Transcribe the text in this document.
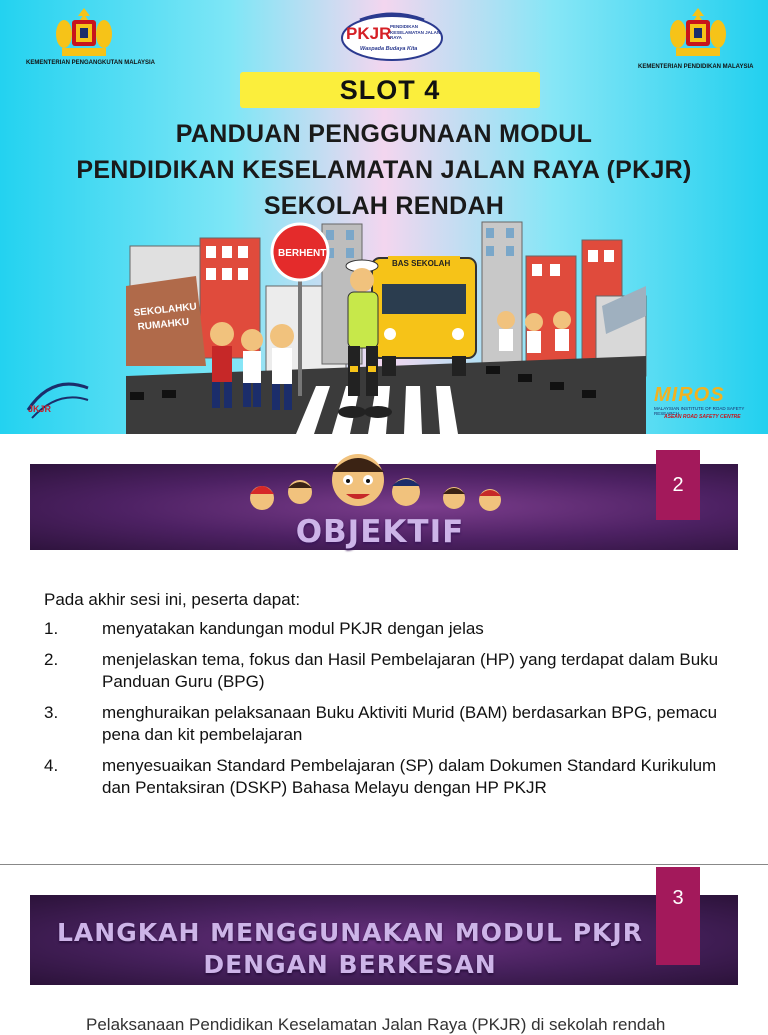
KEMENTERIAN PENGANGKUTAN MALAYSIA
KEMENTERIAN PENDIDIKAN MALAYSIA
PKJR
PENDIDIKAN KESELAMATAN JALAN RAYA
Waspada Budaya Kita
SLOT 4
PANDUAN PENGGUNAAN MODUL
PENDIDIKAN KESELAMATAN JALAN RAYA (PKJR)
SEKOLAH RENDAH
SEKOLAHKU
RUMAHKU
BAS SEKOLAH
BERHENTI
JKJR
MIROS
MALAYSIAN INSTITUTE OF ROAD SAFETY RESEARCH
ASEAN ROAD SAFETY CENTRE
2
OBJEKTIF
Pada akhir sesi ini, peserta dapat:
1.	menyatakan kandungan modul PKJR dengan jelas
2.	menjelaskan tema, fokus dan Hasil Pembelajaran (HP) yang terdapat dalam Buku Panduan Guru (BPG)
3.	menghuraikan pelaksanaan Buku Aktiviti Murid (BAM) berdasarkan BPG, pemacu pena dan kit pembelajaran
4.	menyesuaikan Standard Pembelajaran (SP) dalam Dokumen Standard Kurikulum dan Pentaksiran (DSKP) Bahasa Melayu dengan HP PKJR
3
LANGKAH MENGGUNAKAN MODUL PKJR
DENGAN BERKESAN
Pelaksanaan Pendidikan Keselamatan Jalan Raya (PKJR) di sekolah rendah
